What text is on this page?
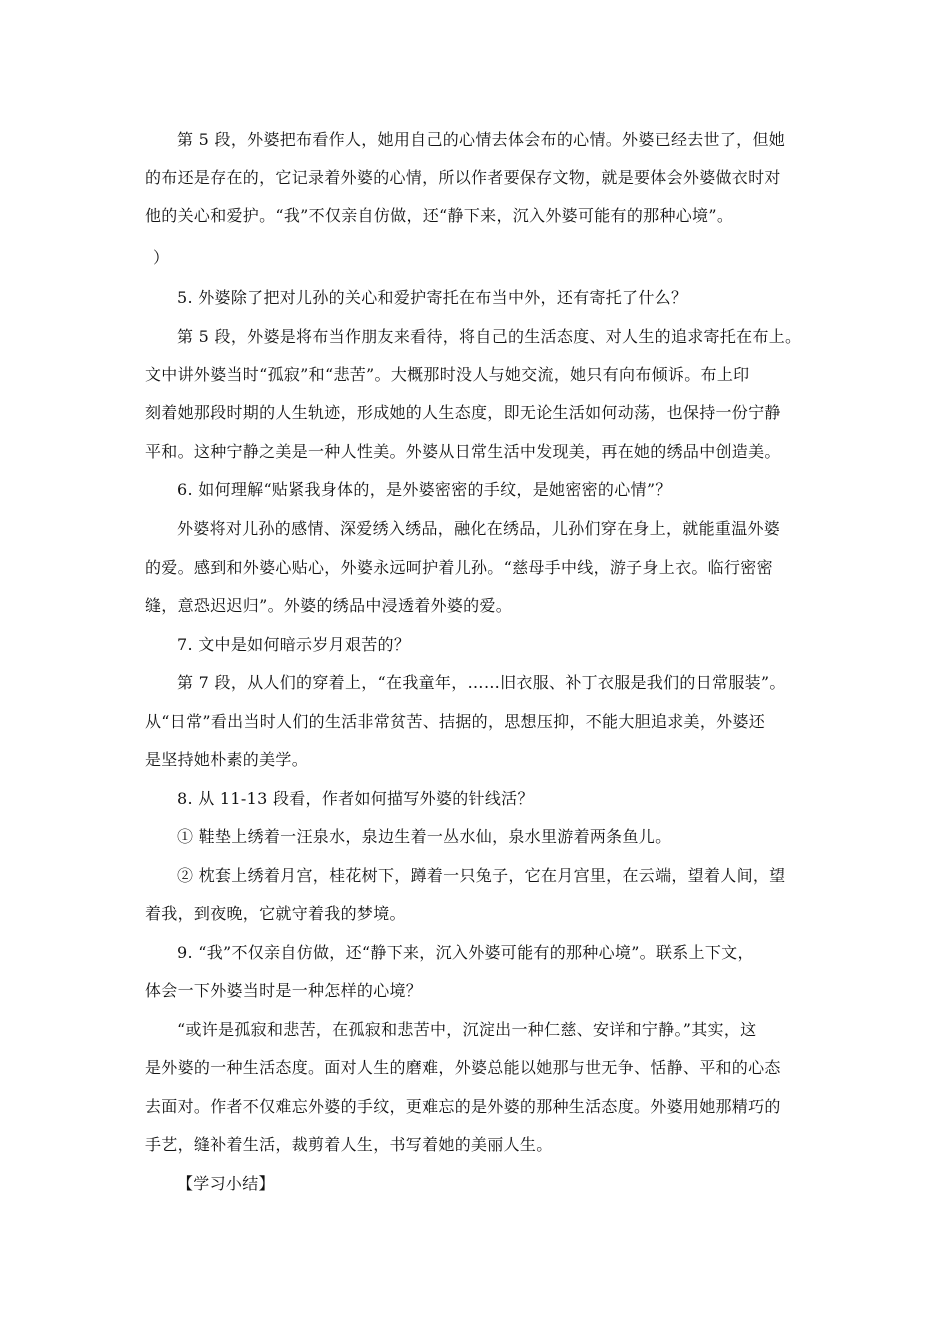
第 5 段，外婆把布看作人，她用自己的心情去体会布的心情。外婆已经去世了，但她
的布还是存在的，它记录着外婆的心情，所以作者要保存文物，就是要体会外婆做衣时对
他的关心和爱护。“我”不仅亲自仿做，还“静下来，沉入外婆可能有的那种心境”。
）
5. 外婆除了把对儿孙的关心和爱护寄托在布当中外，还有寄托了什么？
第 5 段，外婆是将布当作朋友来看待，将自己的生活态度、对人生的追求寄托在布上。
文中讲外婆当时“孤寂”和“悲苦”。大概那时没人与她交流，她只有向布倾诉。布上印
刻着她那段时期的人生轨迹，形成她的人生态度，即无论生活如何动荡，也保持一份宁静
平和。这种宁静之美是一种人性美。外婆从日常生活中发现美，再在她的绣品中创造美。
6. 如何理解“贴紧我身体的，是外婆密密的手纹，是她密密的心情”？
外婆将对儿孙的感情、深爱绣入绣品，融化在绣品，儿孙们穿在身上，就能重温外婆
的爱。感到和外婆心贴心，外婆永远呵护着儿孙。“慈母手中线，游子身上衣。临行密密
缝，意恐迟迟归”。外婆的绣品中浸透着外婆的爱。
7. 文中是如何暗示岁月艰苦的？
第 7 段，从人们的穿着上，“在我童年，……旧衣服、补丁衣服是我们的日常服装”。
从“日常”看出当时人们的生活非常贫苦、拮据的，思想压抑，不能大胆追求美，外婆还
是坚持她朴素的美学。
8. 从 11-13 段看，作者如何描写外婆的针线活？
① 鞋垫上绣着一汪泉水，泉边生着一丛水仙，泉水里游着两条鱼儿。
② 枕套上绣着月宫，桂花树下，蹲着一只兔子，它在月宫里，在云端，望着人间，望
着我，到夜晚，它就守着我的梦境。
9. “我”不仅亲自仿做，还“静下来，沉入外婆可能有的那种心境”。联系上下文，
体会一下外婆当时是一种怎样的心境？
“或许是孤寂和悲苦，在孤寂和悲苦中，沉淀出一种仁慈、安详和宁静。”其实，这
是外婆的一种生活态度。面对人生的磨难，外婆总能以她那与世无争、恬静、平和的心态
去面对。作者不仅难忘外婆的手纹，更难忘的是外婆的那种生活态度。外婆用她那精巧的
手艺，缝补着生活，裁剪着人生，书写着她的美丽人生。
【学习小结】
